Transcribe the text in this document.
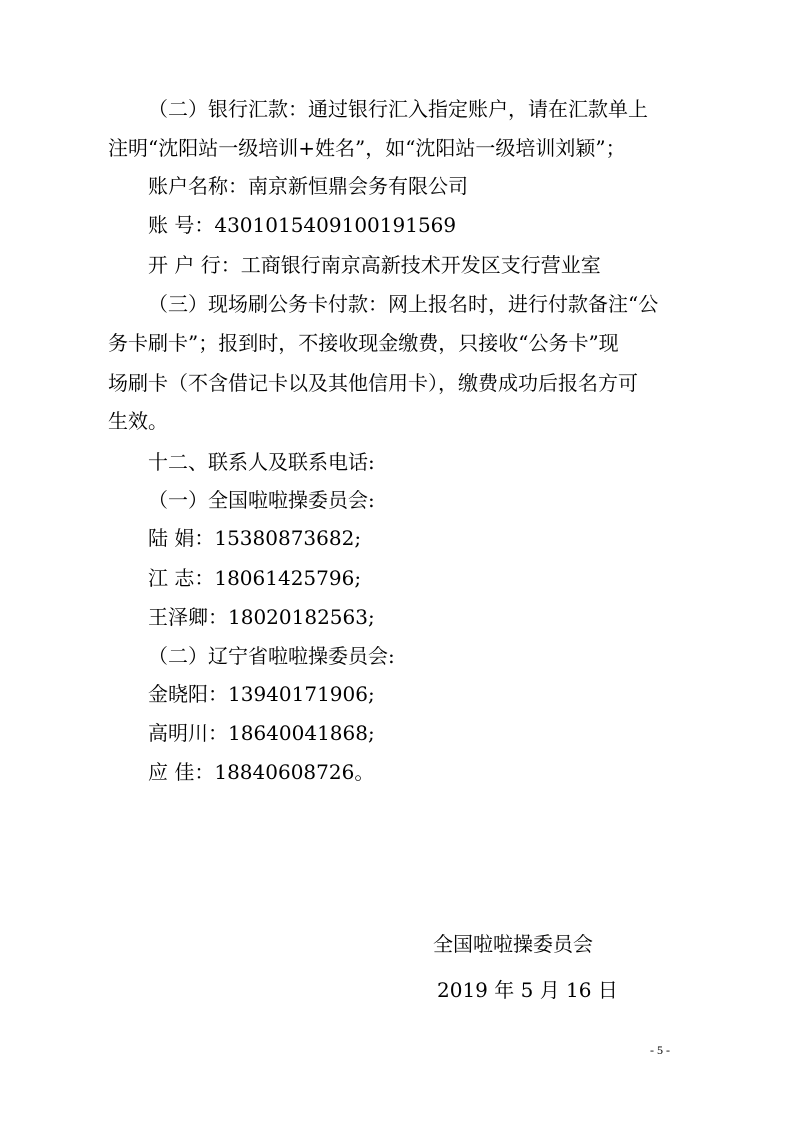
（二）银行汇款：通过银行汇入指定账户，请在汇款单上
注明“沈阳站一级培训+姓名”，如“沈阳站一级培训刘颖”；
账户名称：南京新恒鼎会务有限公司
账 号：4301015409100191569
开 户 行：工商银行南京高新技术开发区支行营业室
（三）现场刷公务卡付款：网上报名时，进行付款备注“公
务卡刷卡”；报到时，不接收现金缴费，只接收“公务卡”现
场刷卡（不含借记卡以及其他信用卡），缴费成功后报名方可
生效。
十二、联系人及联系电话:
（一）全国啦啦操委员会:
陆 娟：15380873682;
江 志：18061425796;
王泽卿：18020182563;
（二）辽宁省啦啦操委员会:
金晓阳：13940171906;
高明川：18640041868;
应 佳：18840608726。
全国啦啦操委员会
2019 年 5 月 16 日
- 5 -
